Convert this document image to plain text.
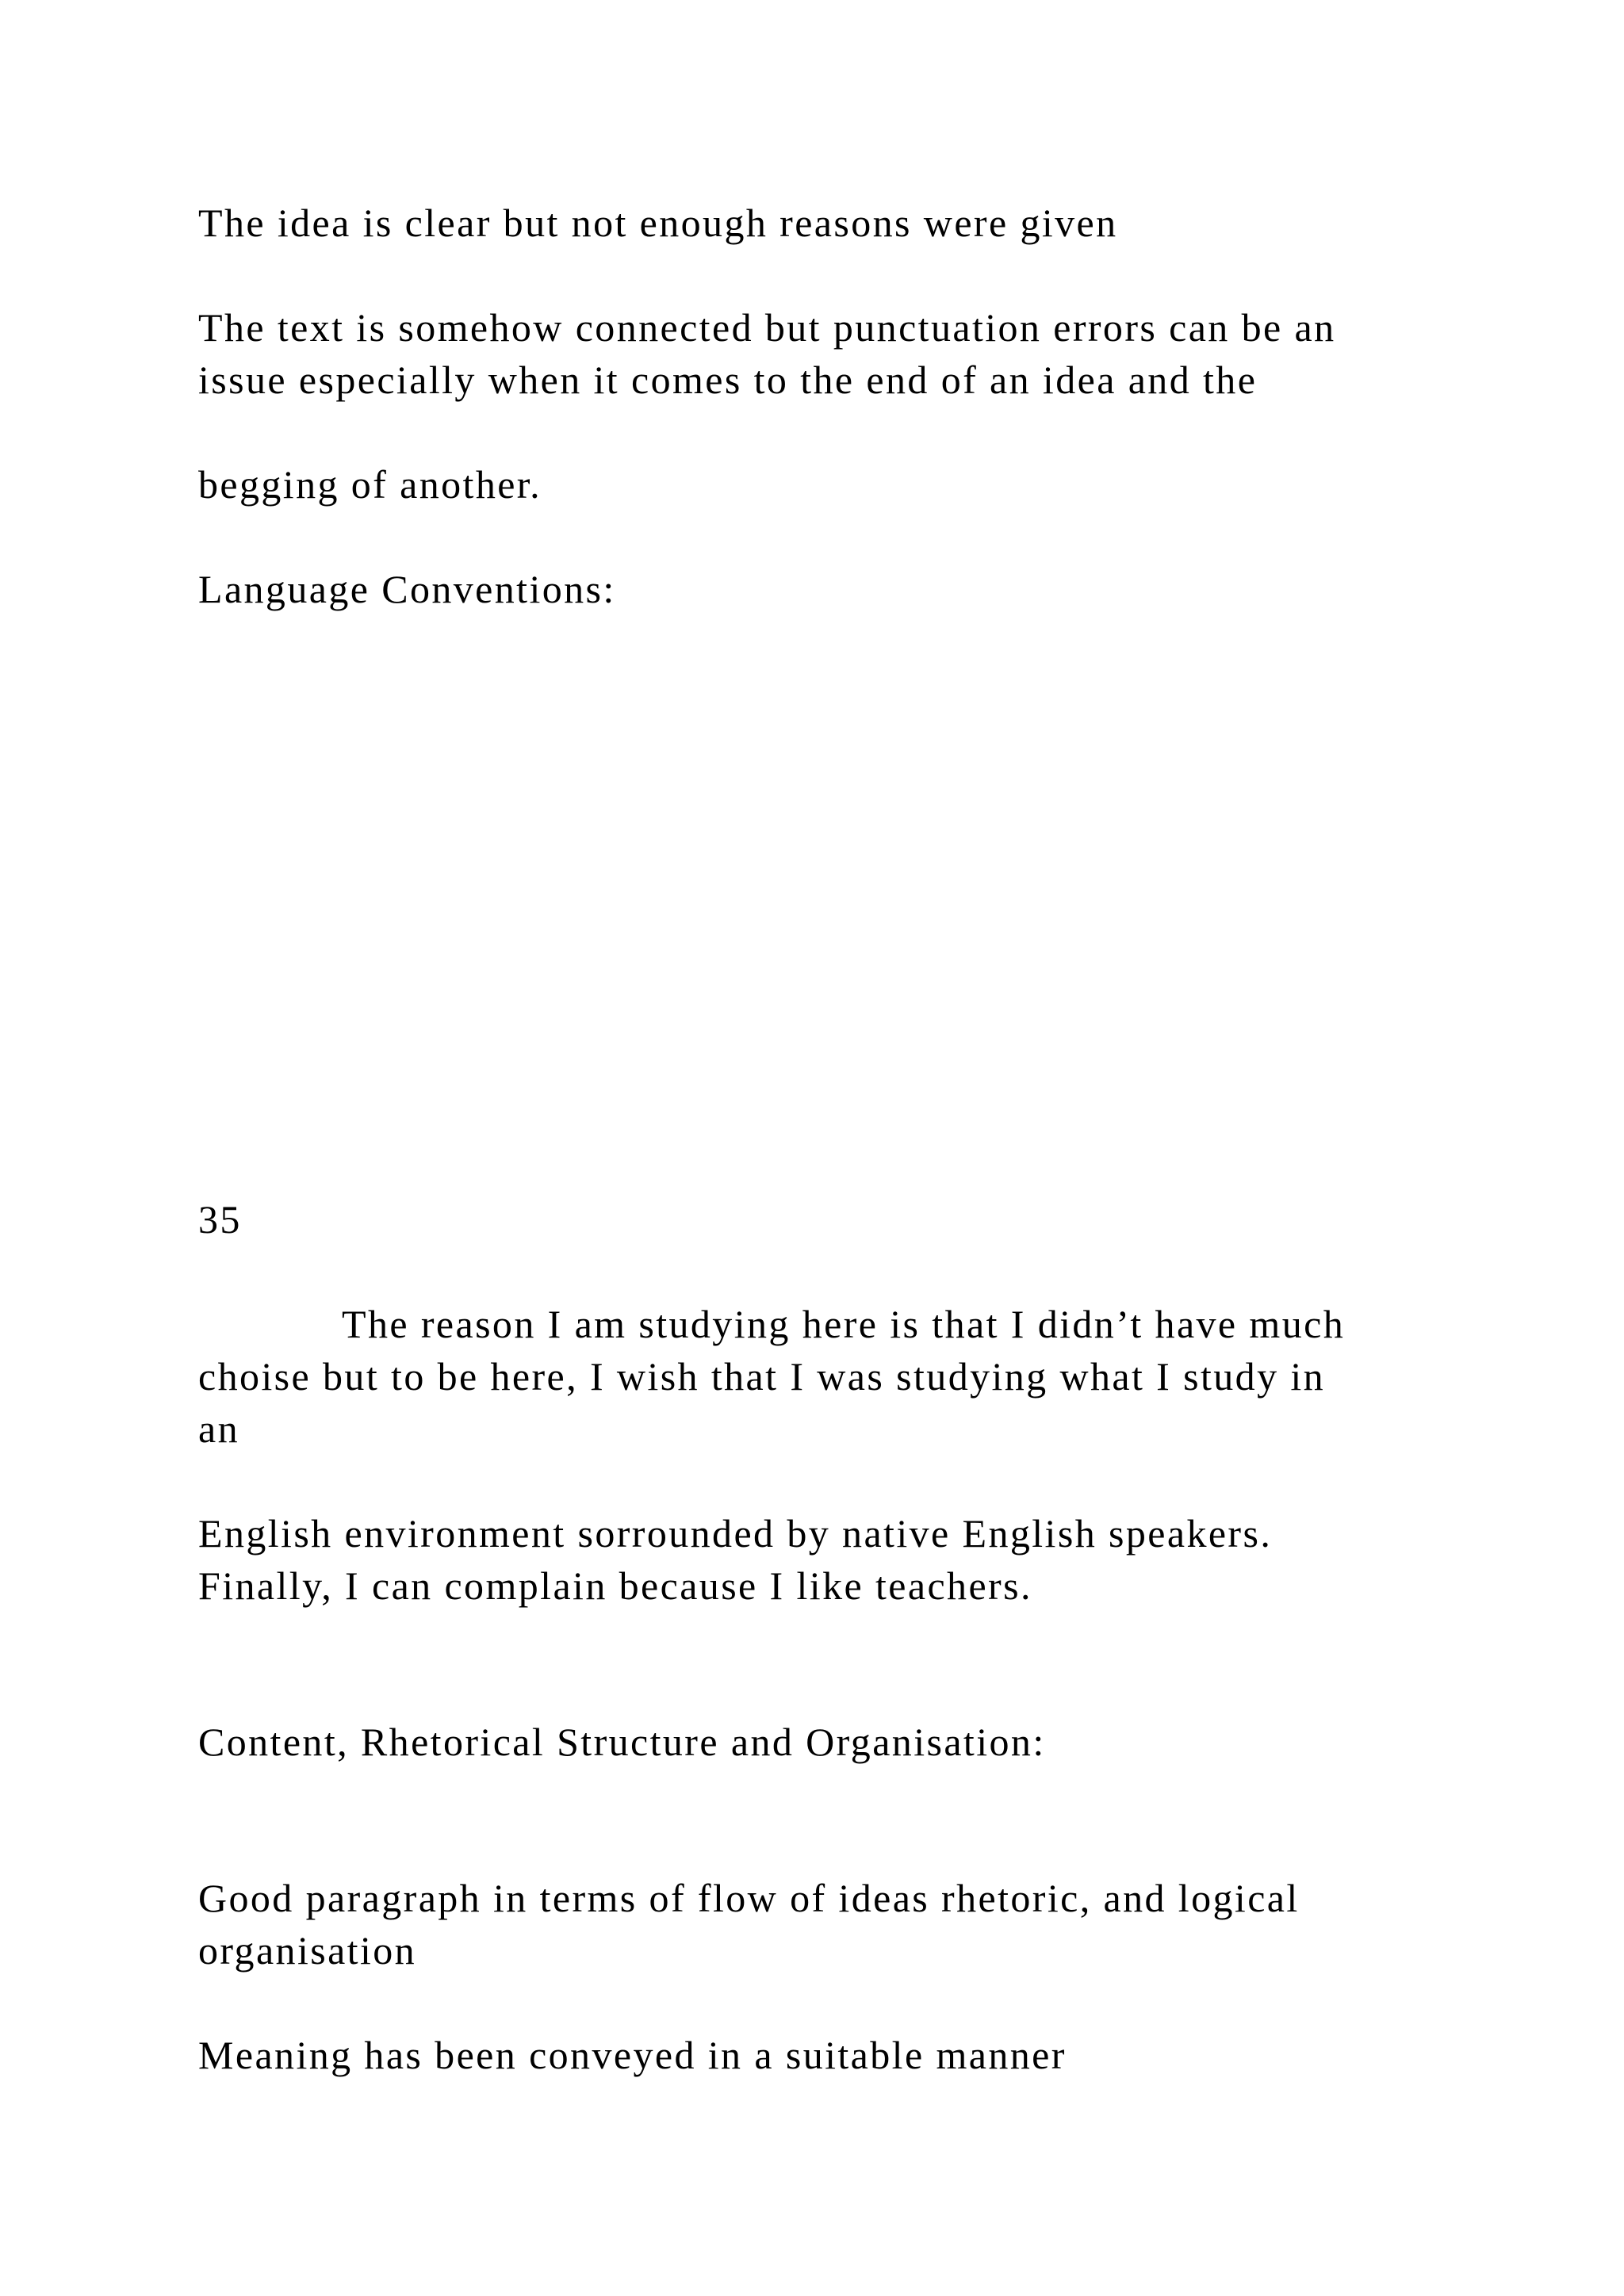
The idea is clear but not enough reasons were given

The text is somehow connected but punctuation errors can be an

issue especially when it comes to the end of an idea and the

begging of another.

Language Conventions:

35

The reason I am studying here is that I didn’t have much

choise but to be here, I wish that I was studying what I study in

an

English environment sorrounded by native English speakers.

Finally, I can complain because I like teachers.

Content, Rhetorical Structure and Organisation:

Good paragraph in terms of flow of ideas rhetoric, and logical

organisation

Meaning has been conveyed in a suitable manner
